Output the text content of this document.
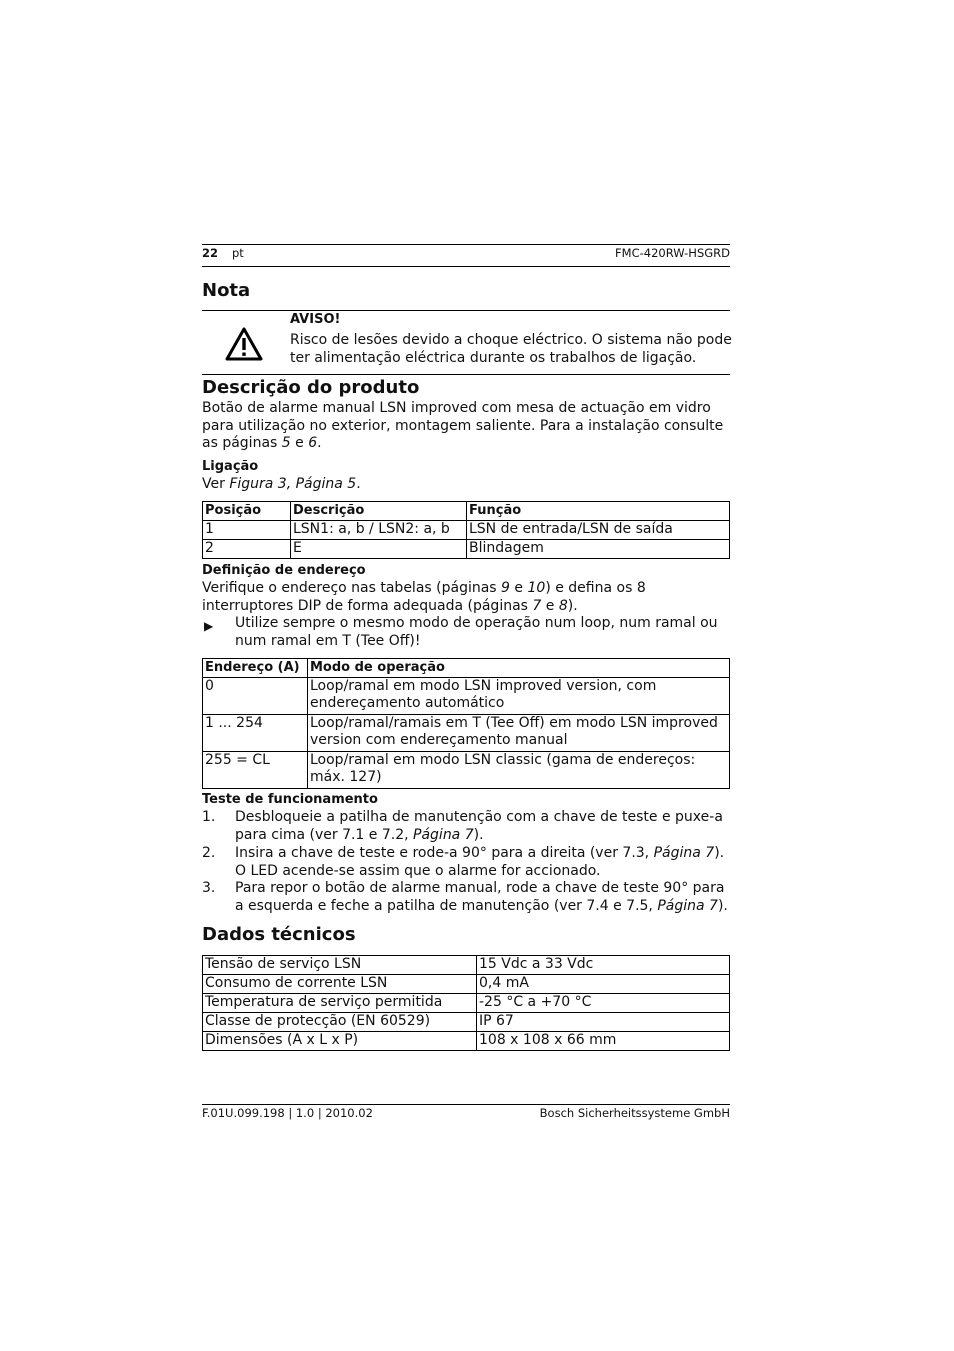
22 pt	FMC-420RW-HSGRD
Nota
AVISO!
Risco de lesões devido a choque eléctrico. O sistema não pode ter alimentação eléctrica durante os trabalhos de ligação.
Descrição do produto
Botão de alarme manual LSN improved com mesa de actuação em vidro para utilização no exterior, montagem saliente. Para a instalação consulte as páginas 5 e 6.
Ligação
Ver Figura 3, Página 5.
Posição	Descrição	Função
1	LSN1: a, b / LSN2: a, b	LSN de entrada/LSN de saída
2	E	Blindagem
Definição de endereço
Verifique o endereço nas tabelas (páginas 9 e 10) e defina os 8 interruptores DIP de forma adequada (páginas 7 e 8).
▶ Utilize sempre o mesmo modo de operação num loop, num ramal ou num ramal em T (Tee Off)!
Endereço (A)	Modo de operação
0	Loop/ramal em modo LSN improved version, com endereçamento automático
1 ... 254	Loop/ramal/ramais em T (Tee Off) em modo LSN improved version com endereçamento manual
255 = CL	Loop/ramal em modo LSN classic (gama de endereços: máx. 127)
Teste de funcionamento
1. Desbloqueie a patilha de manutenção com a chave de teste e puxe-a para cima (ver 7.1 e 7.2, Página 7).
2. Insira a chave de teste e rode-a 90° para a direita (ver 7.3, Página 7). O LED acende-se assim que o alarme for accionado.
3. Para repor o botão de alarme manual, rode a chave de teste 90° para a esquerda e feche a patilha de manutenção (ver 7.4 e 7.5, Página 7).
Dados técnicos
Tensão de serviço LSN	15 Vdc a 33 Vdc
Consumo de corrente LSN	0,4 mA
Temperatura de serviço permitida	-25 °C a +70 °C
Classe de protecção (EN 60529)	IP 67
Dimensões (A x L x P)	108 x 108 x 66 mm
F.01U.099.198 | 1.0 | 2010.02	Bosch Sicherheitssysteme GmbH
